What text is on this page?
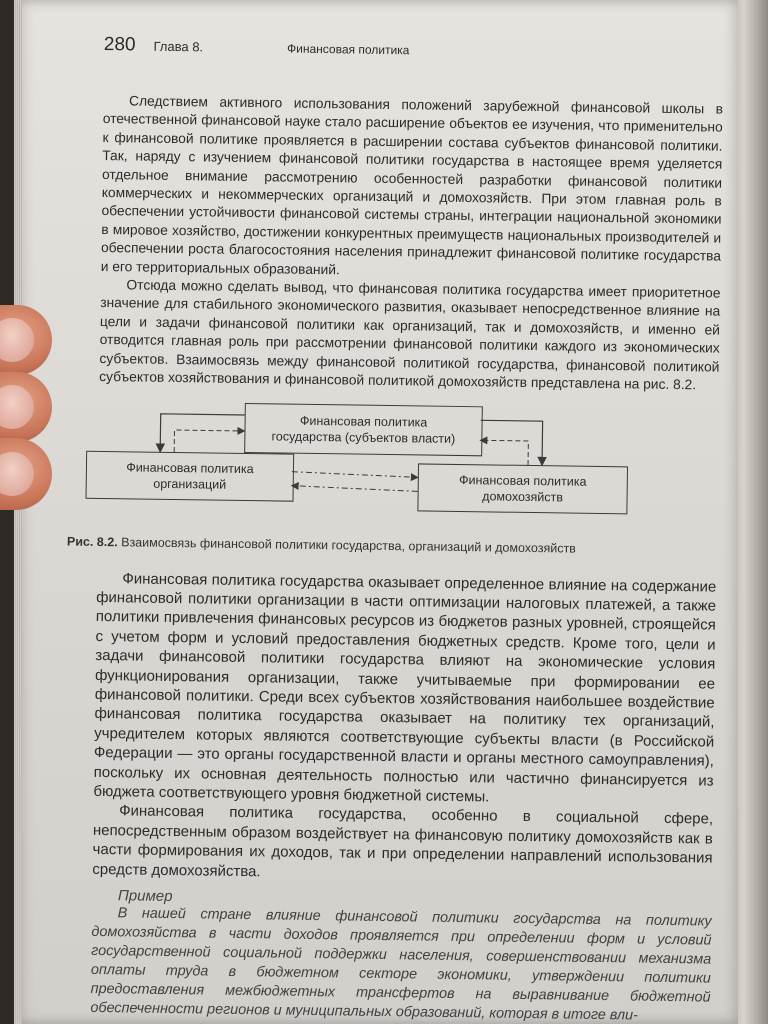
280 Глава 8.	Финансовая политика

Следствием активного использования положений зарубежной финансовой школы в отечественной финансовой науке стало расширение объектов ее изучения, что применительно к финансовой политике проявляется в расширении состава субъектов финансовой политики. Так, наряду с изучением финансовой политики государства в настоящее время уделяется отдельное внимание рассмотрению особенностей разработки финансовой политики коммерческих и некоммерческих организаций и домохозяйств. При этом главная роль в обеспечении устойчивости финансовой системы страны, интеграции национальной экономики в мировое хозяйство, достижении конкурентных преимуществ национальных производителей и обеспечении роста благосостояния населения принадлежит финансовой политике государства и его территориальных образований.

Отсюда можно сделать вывод, что финансовая политика государства имеет приоритетное значение для стабильного экономического развития, оказывает непосредственное влияние на цели и задачи финансовой политики как организаций, так и домохозяйств, и именно ей отводится главная роль при рассмотрении финансовой политики каждого из экономических субъектов. Взаимосвязь между финансовой политикой государства, финансовой политикой субъектов хозяйствования и финансовой политикой домохозяйств представлена на рис. 8.2.

Финансовая политика
государства (субъектов власти)
Финансовая политика
организаций	Финансовая политика
домохозяйств
Рис. 8.2. Взаимосвязь финансовой политики государства, организаций и домохозяйств

Финансовая политика государства оказывает определенное влияние на содержание финансовой политики организации в части оптимизации налоговых платежей, а также политики привлечения финансовых ресурсов из бюджетов разных уровней, строящейся с учетом форм и условий предоставления бюджетных средств. Кроме того, цели и задачи финансовой политики государства влияют на экономические условия функционирования организации, также учитываемые при формировании ее финансовой политики. Среди всех субъектов хозяйствования наибольшее воздействие финансовая политика государства оказывает на политику тех организаций, учредителем которых являются соответствующие субъекты власти (в Российской Федерации — это органы государственной власти и органы местного самоуправления), поскольку их основная деятельность полностью или частично финансируется из бюджета соответствующего уровня бюджетной системы.

Финансовая политика государства, особенно в социальной сфере, непосредственным образом воздействует на финансовую политику домохозяйств как в части формирования их доходов, так и при определении направлений использования средств домохозяйства.

Пример

В нашей стране влияние финансовой политики государства на политику домохозяйства в части доходов проявляется при определении форм и условий государственной социальной поддержки населения, совершенствовании механизма оплаты труда в бюджетном секторе экономики, утверждении политики предоставления межбюджетных трансфертов на выравнивание бюджетной обеспеченности регионов и муниципальных образований, которая в итоге вли-
